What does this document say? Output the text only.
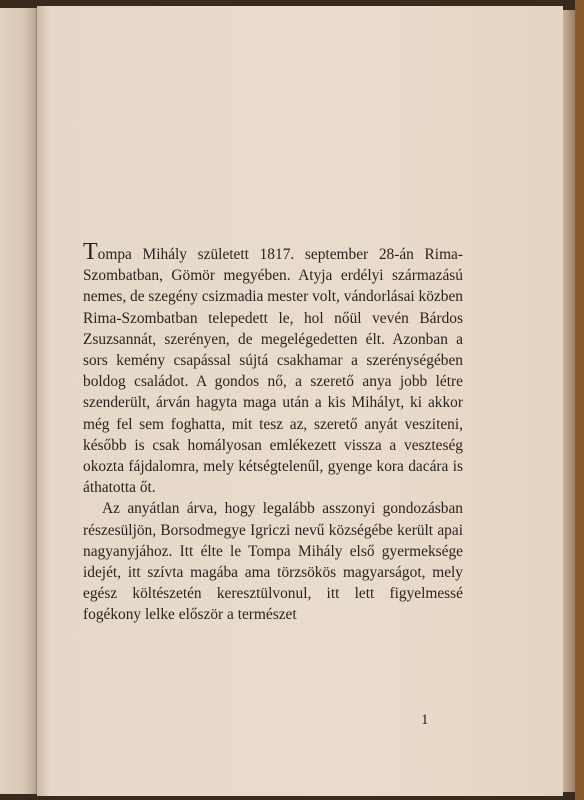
Tompa Mihály született 1817. september 28-án Rima-Szombatban, Gömör megyében. Atyja erdélyi származású nemes, de szegény csizmadia mester volt, vándorlásai közben Rima-Szombatban telepedett le, hol nőül vevén Bárdos Zsuzsannát, szerényen, de megelégedetten élt. Azonban a sors kemény csapással sújtá csakhamar a szerénységében boldog családot. A gondos nő, a szerető anya jobb létre szenderült, árván hagyta maga után a kis Mihályt, ki akkor még fel sem foghatta, mit tesz az, szerető anyát vesziteni, később is csak homályosan emlékezett vissza a veszteség okozta fájdalomra, mely kétségtelenűl, gyenge kora dacára is áthatotta őt.

Az anyátlan árva, hogy legalább asszonyi gondozásban részesüljön, Borsodmegye Igriczi nevű községébe került apai nagyanyjához. Itt élte le Tompa Mihály első gyermeksége idejét, itt szívta magába ama törzsökös magyarságot, mely egész költészetén keresztülvonul, itt lett figyelmessé fogékony lelke először a természet

1
